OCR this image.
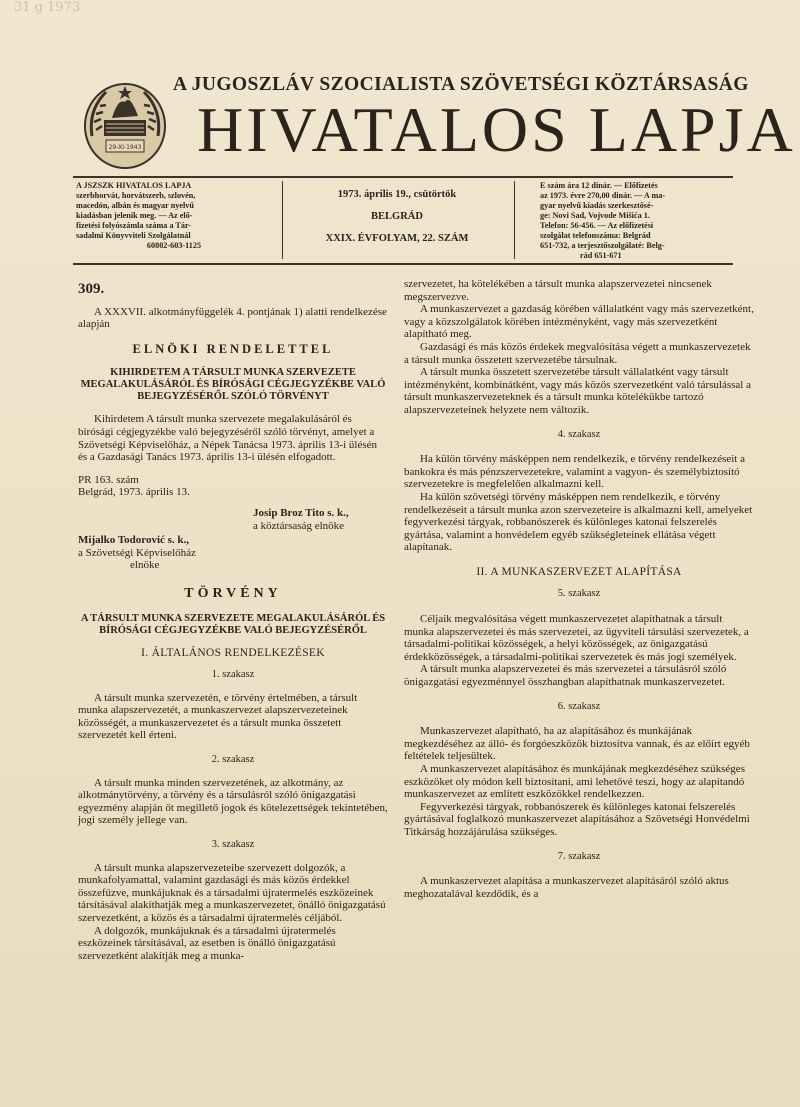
31 g 1973
29-XI-1943
A JUGOSZLÁV SZOCIALISTA SZÖVETSÉGI KÖZTÁRSASÁG
HIVATALOS LAPJA
A JSZSZK HIVATALOS LAPJA
szerbhorvát, horvátszerb, szlovén,
macedón, albán és magyar nyelvű
kiadásban jelenik meg. — Az elő-
fizetési folyószámla száma a Tár-
sadalmi Könyvviteli Szolgálatnál
60802-603-1125
1973. április 19., csütörtök
BELGRÁD
XXIX. ÉVFOLYAM, 22. SZÁM
E szám ára 12 dinár. — Előfizetés
az 1973. évre 270,00 dinár. — A ma-
gyar nyelvű kiadás szerkesztősé-
ge: Novi Sad, Vojvode Mišića 1.
Telefon: 56-456. — Az előfizetési
szolgálat telefonszáma: Belgrád
651-732, a terjesztőszolgálaté: Belg-
rád 651-671

309.

A XXXVII. alkotmányfüggelék 4. pontjának 1) alatti rendelkezése alapján

ELNÖKI RENDELETTEL

KIHIRDETEM A TÁRSULT MUNKA SZERVEZETE MEGALAKULÁSÁRÓL ÉS BÍRÓSÁGI CÉGJEGYZÉKBE VALÓ BEJEGYZÉSÉRŐL SZÓLÓ TÖRVÉNYT

Kihirdetem A társult munka szervezete megalakulásáról és bírósági cégjegyzékbe való bejegyzéséről szóló törvényt, amelyet a Szövetségi Képviselőház, a Népek Tanácsa 1973. április 13-i ülésén és a Gazdasági Tanács 1973. április 13-i ülésén elfogadott.

PR 163. szám

Belgrád, 1973. április 13.

Josip Broz Tito s. k.,
a köztársaság elnöke
Mijalko Todorović s. k.,
a Szövetségi Képviselőház
elnöke

TÖRVÉNY

A TÁRSULT MUNKA SZERVEZETE MEGALAKULÁSÁRÓL ÉS BÍRÓSÁGI CÉGJEGYZÉKBE VALÓ BEJEGYZÉSÉRŐL

I. ÁLTALÁNOS RENDELKEZÉSEK

1. szakasz

A társult munka szervezetén, e törvény értelmében, a társult munka alapszervezetét, a munkaszervezet alapszervezeteinek közösségét, a munkaszervezetet és a társult munka összetett szervezetét kell érteni.

2. szakasz

A társult munka minden szervezetének, az alkotmány, az alkotmánytörvény, a törvény és a társulásról szóló önigazgatási egyezmény alapján őt megillető jogok és kötelezettségek tekintetében, jogi személy jellege van.

3. szakasz

A társult munka alapszervezeteibe szervezett dolgozók, a munkafolyamattal, valamint gazdasági és más közös érdekkel összefűzve, munkájuknak és a társadalmi újratermelés eszközeinek társításával alakíthatják meg a munkaszervezetet, önálló önigazgatású szervezetként, a közös és a társadalmi újratermelés céljából.

A dolgozók, munkájuknak és a társadalmi újratermelés eszközeinek társításával, az esetben is önálló önigazgatású szervezetként alakítják meg a munka-

szervezetet, ha kötelékében a társult munka alapszervezetei nincsenek megszervezve.

A munkaszervezet a gazdaság körében vállalatként vagy más szervezetként, vagy a közszolgálatok körében intézményként, vagy más szervezetként alapítható meg.

Gazdasági és más közös érdekek megvalósítása végett a munkaszervezetek a társult munka összetett szervezetébe társulnak.

A társult munka összetett szervezetébe társult vállalatként vagy társult intézményként, kombinátként, vagy más közös szervezetként való társulással a társult munkaszervezeteknek és a társult munka kötelékükbe tartozó alapszervezeteinek helyzete nem változik.

4. szakasz

Ha külön törvény másképpen nem rendelkezik, e törvény rendelkezéseit a bankokra és más pénzszervezetekre, valamint a vagyon- és személybiztosító szervezetekre is megfelelően alkalmazni kell.

Ha külön szövetségi törvény másképpen nem rendelkezik, e törvény rendelkezéseit a társult munka azon szervezeteire is alkalmazni kell, amelyeket fegyverkezési tárgyak, robbanószerek és különleges katonai felszerelés gyártása, valamint a honvédelem egyéb szükségleteinek ellátása végett alapítanak.

II. A MUNKASZERVEZET ALAPÍTÁSA

5. szakasz

Céljaik megvalósítása végett munkaszervezetet alapíthatnak a társult munka alapszervezetei és más szervezetei, az ügyviteli társulási szervezetek, a társadalmi-politikai közösségek, a helyi közösségek, az önigazgatású érdekközösségek, a társadalmi-politikai szervezetek és más jogi személyek.

A társult munka alapszervezetei és más szervezetei a társulásról szóló önigazgatási egyezménnyel összhangban alapíthatnak munkaszervezetet.

6. szakasz

Munkaszervezet alapítható, ha az alapításához és munkájának megkezdéséhez az álló- és forgóeszközök biztosítva vannak, és az előírt egyéb feltételek teljesültek.

A munkaszervezet alapításához és munkájának megkezdéséhez szükséges eszközöket oly módon kell biztosítani, ami lehetővé teszi, hogy az alapítandó munkaszervezet az említett eszközökkel rendelkezzen.

Fegyverkezési tárgyak, robbanószerek és különleges katonai felszerelés gyártásával foglalkozó munkaszervezet alapításához a Szövetségi Honvédelmi Titkárság hozzájárulása szükséges.

7. szakasz

A munkaszervezet alapítása a munkaszervezet alapításáról szóló aktus meghozatalával kezdődik, és a
